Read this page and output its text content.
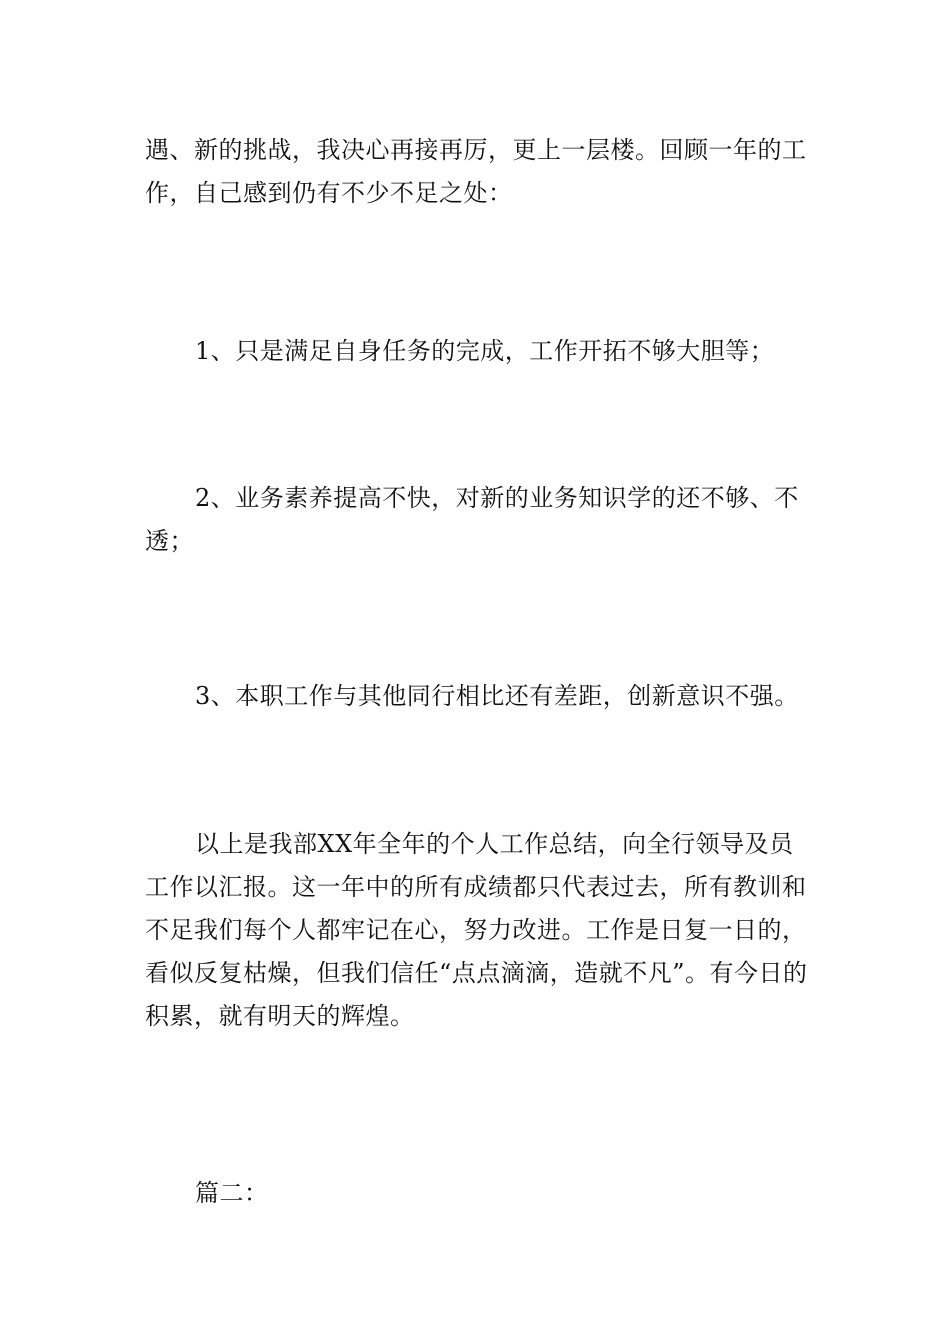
遇、新的挑战，我决心再接再厉，更上一层楼。回顾一年的工作，自己感到仍有不少不足之处：

1、只是满足自身任务的完成，工作开拓不够大胆等；

2、业务素养提高不快，对新的业务知识学的还不够、不透；

3、本职工作与其他同行相比还有差距，创新意识不强。

以上是我部XX年全年的个人工作总结，向全行领导及员工作以汇报。这一年中的所有成绩都只代表过去，所有教训和不足我们每个人都牢记在心，努力改进。工作是日复一日的，看似反复枯燥，但我们信任“点点滴滴，造就不凡”。有今日的积累，就有明天的辉煌。

篇二：
